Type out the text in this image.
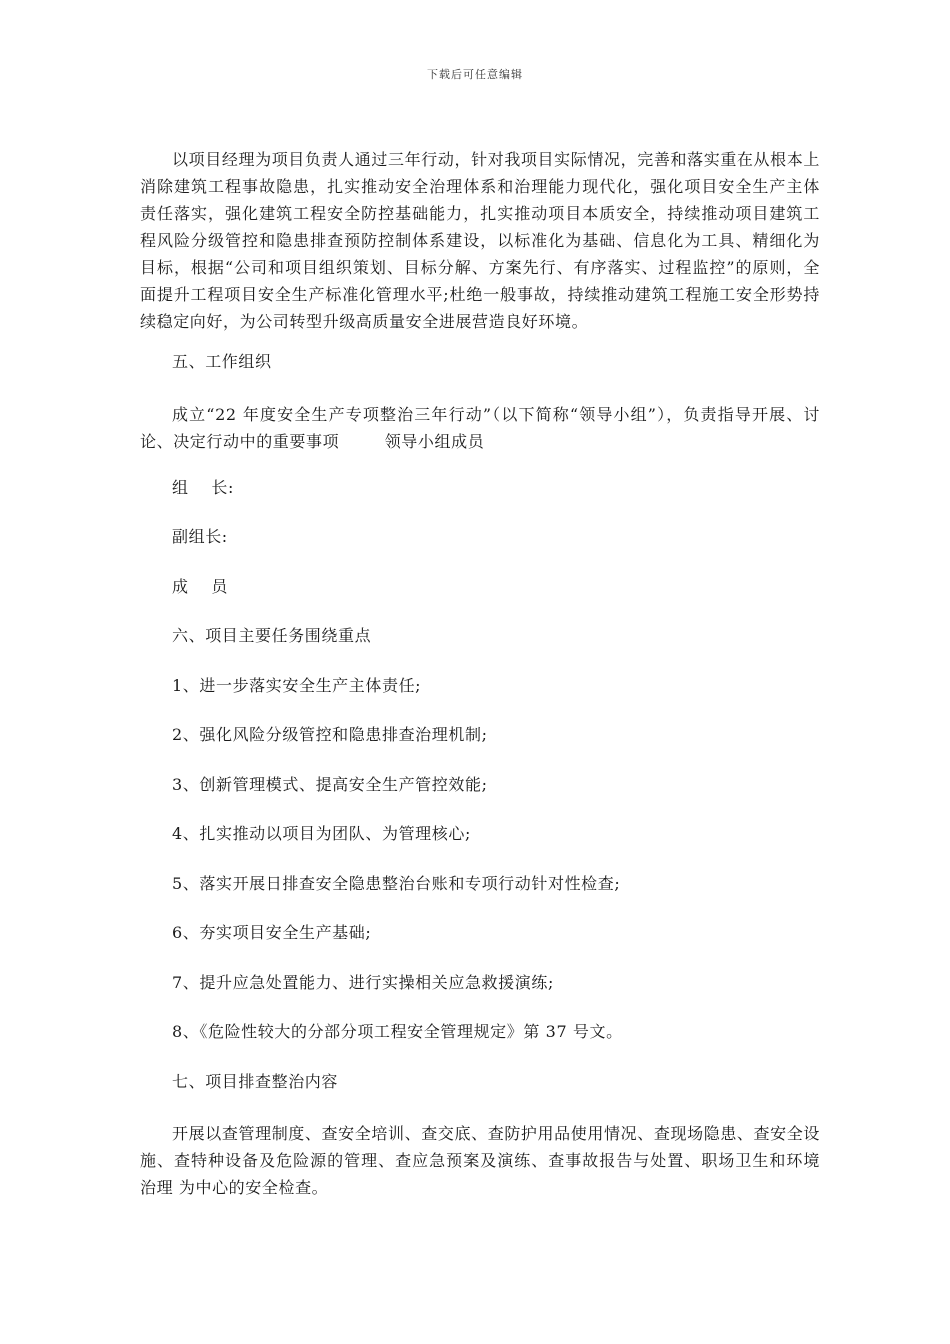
下载后可任意编辑

以项目经理为项目负责人通过三年行动，针对我项目实际情况，完善和落实重在从根本上消除建筑工程事故隐患，扎实推动安全治理体系和治理能力现代化，强化项目安全生产主体责任落实，强化建筑工程安全防控基础能力，扎实推动项目本质安全，持续推动项目建筑工程风险分级管控和隐患排查预防控制体系建设，以标准化为基础、信息化为工具、精细化为目标，根据“公司和项目组织策划、目标分解、方案先行、有序落实、过程监控”的原则，全面提升工程项目安全生产标准化管理水平;杜绝一般事故，持续推动建筑工程施工安全形势持续稳定向好，为公司转型升级高质量安全进展营造良好环境。

五、工作组织

成立“22 年度安全生产专项整治三年行动”（以下简称“领导小组”），负责指导开展、讨论、决定行动中的重要事项        领导小组成员

组    长:
副组长:
成    员
六、项目主要任务围绕重点
1、进一步落实安全生产主体责任;
2、强化风险分级管控和隐患排查治理机制;
3、创新管理模式、提高安全生产管控效能;
4、扎实推动以项目为团队、为管理核心;
5、落实开展日排查安全隐患整治台账和专项行动针对性检查;
6、夯实项目安全生产基础;
7、提升应急处置能力、进行实操相关应急救援演练;
8、《危险性较大的分部分项工程安全管理规定》第 37 号文。
七、项目排查整治内容

开展以查管理制度、查安全培训、查交底、查防护用品使用情况、查现场隐患、查安全设施、查特种设备及危险源的管理、查应急预案及演练、查事故报告与处置、职场卫生和环境治理 为中心的安全检查。
